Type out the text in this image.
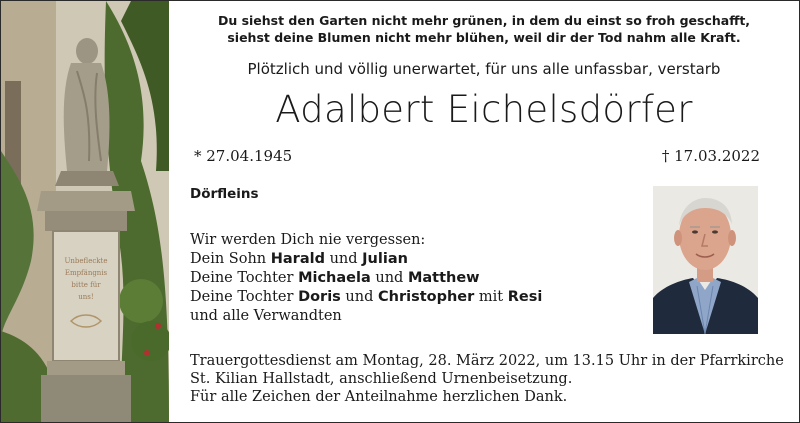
Unbefleckte
Empfängnis
bitte für
uns!
Du siehst den Garten nicht mehr grünen, in dem du einst so froh geschafft,
siehst deine Blumen nicht mehr blühen, weil dir der Tod nahm alle Kraft.
Plötzlich und völlig unerwartet, für uns alle unfassbar, verstarb
Adalbert Eichelsdörfer
* 27.04.1945	† 17.03.2022
Dörfleins
Wir werden Dich nie vergessen:
Dein Sohn Harald und Julian
Deine Tochter Michaela und Matthew
Deine Tochter Doris und Christopher mit Resi
und alle Verwandten
Trauergottesdienst am Montag, 28. März 2022, um 13.15 Uhr in der Pfarrkirche
St. Kilian Hallstadt, anschließend Urnenbeisetzung.
Für alle Zeichen der Anteilnahme herzlichen Dank.
